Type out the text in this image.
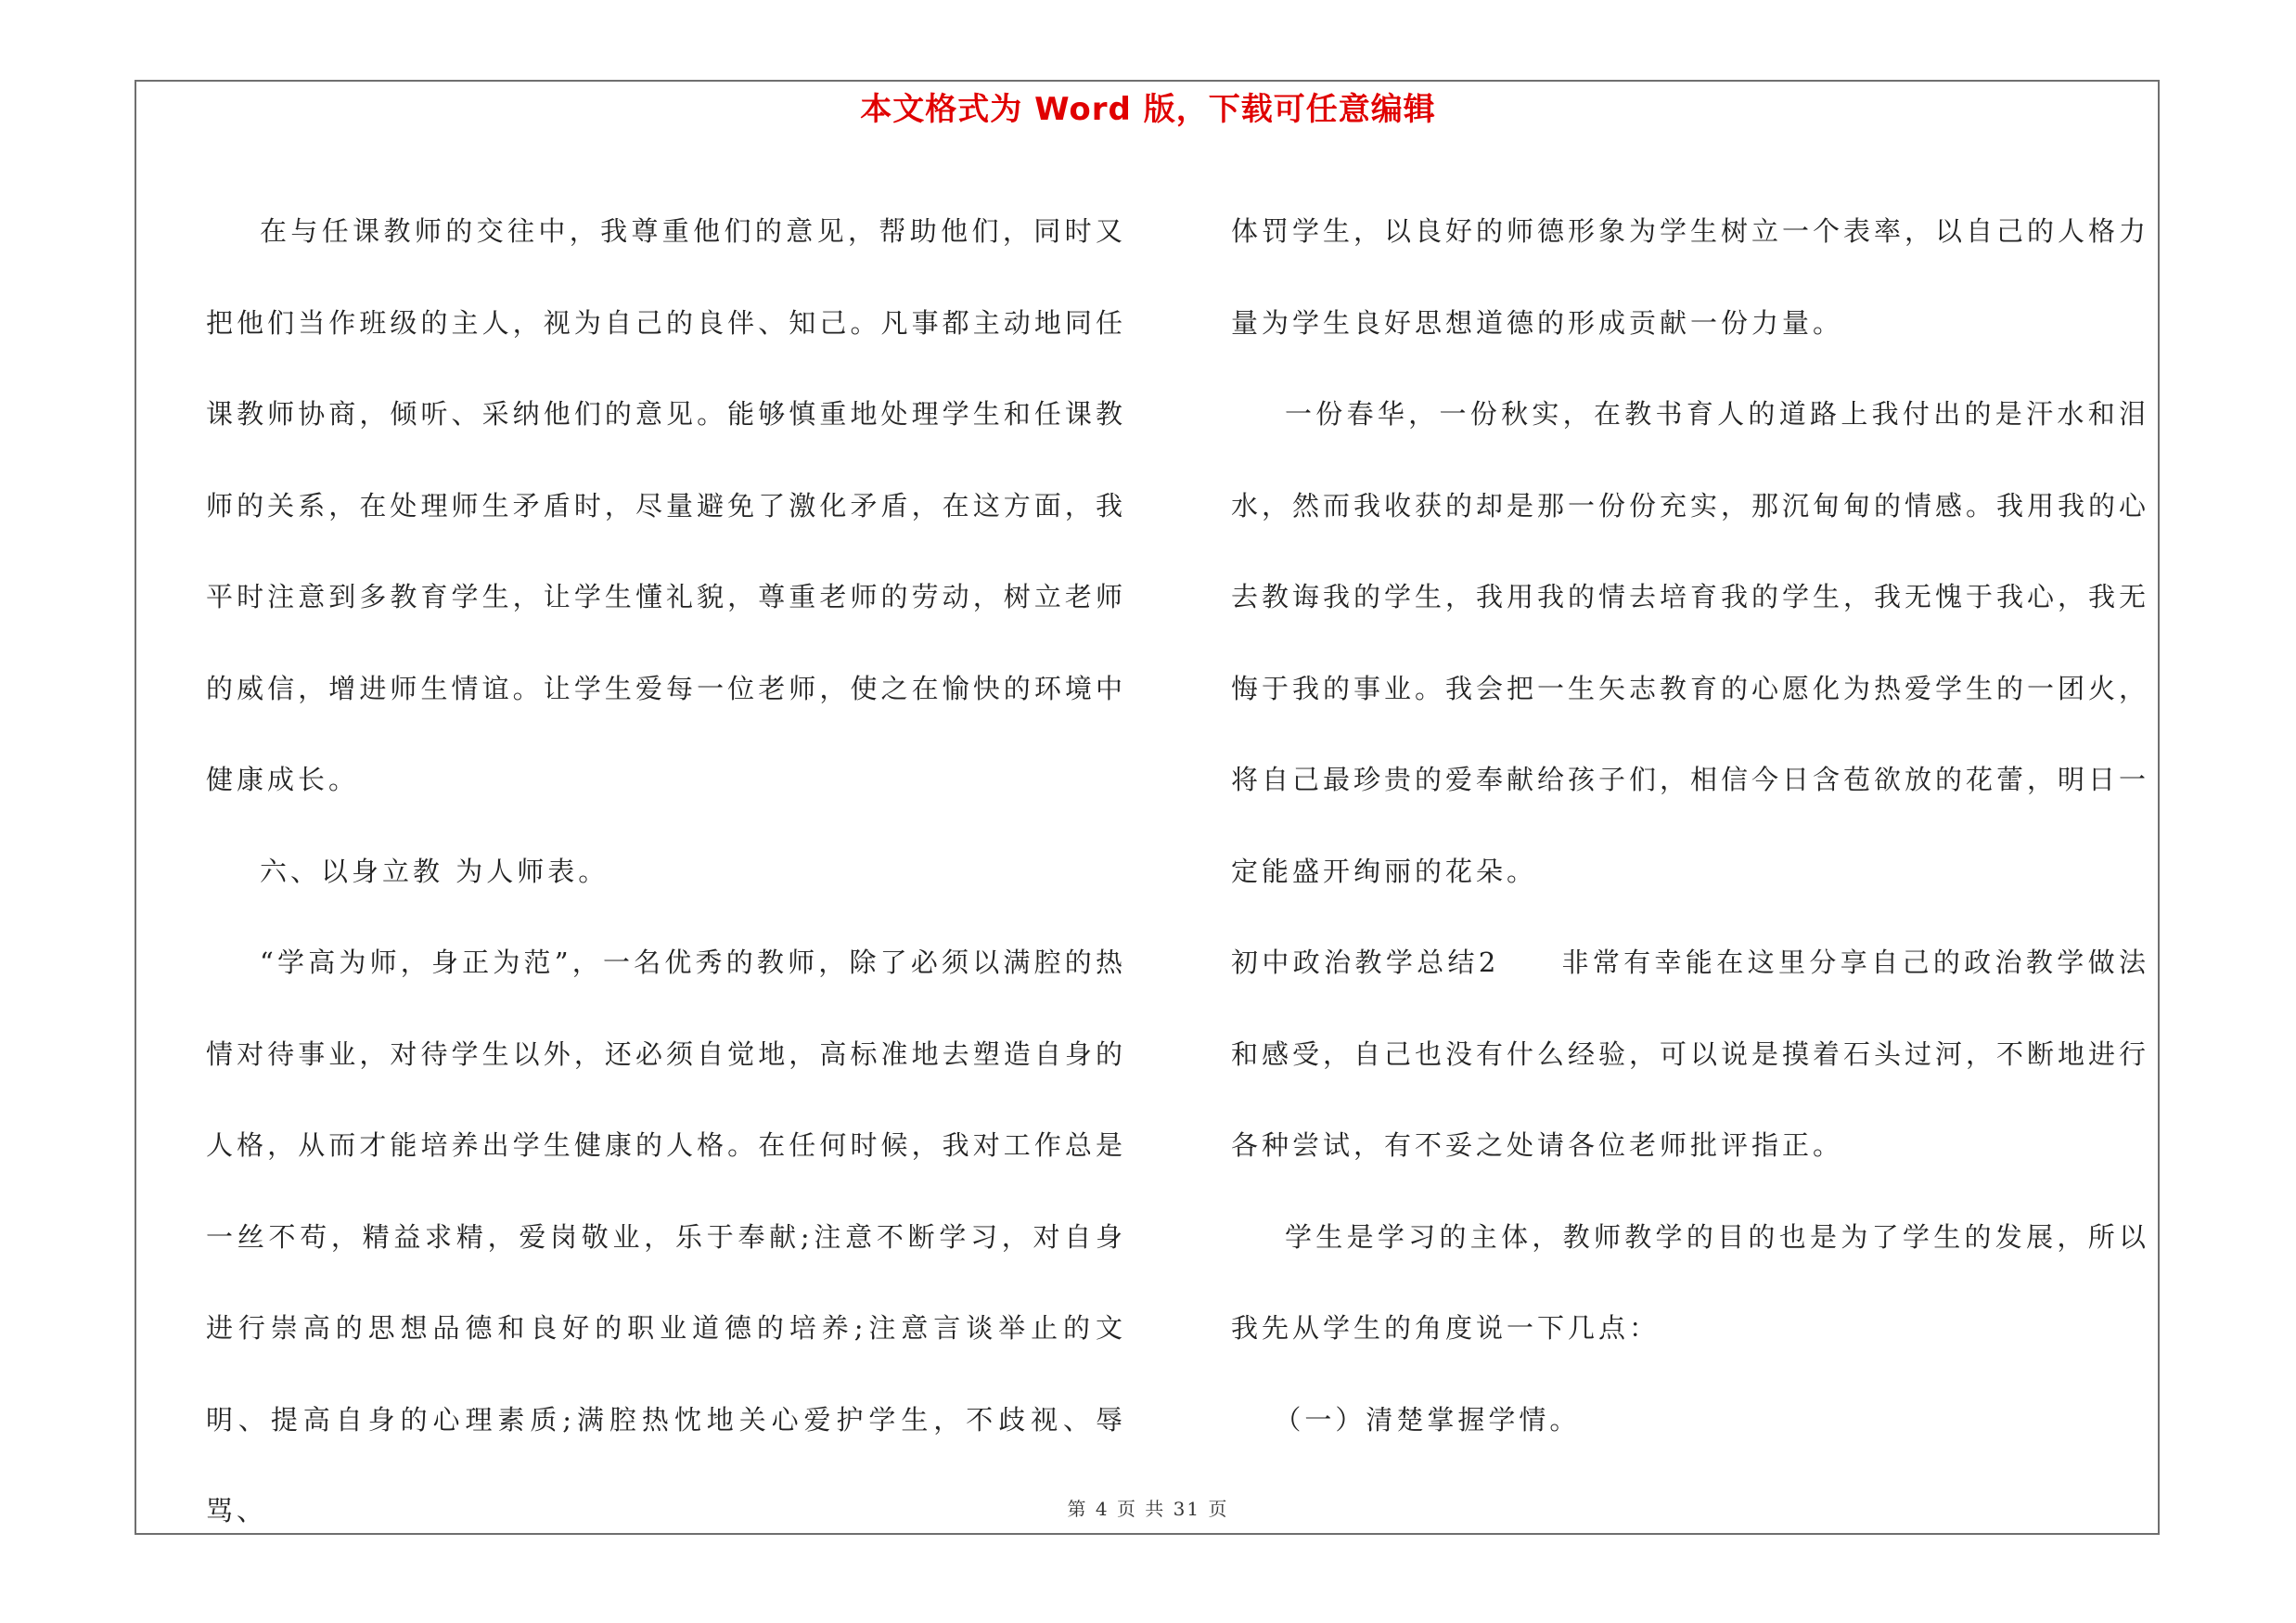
本文格式为 Word 版，下载可任意编辑

在与任课教师的交往中，我尊重他们的意见，帮助他们，同时又把他们当作班级的主人，视为自己的良伴、知己。凡事都主动地同任课教师协商，倾听、采纳他们的意见。能够慎重地处理学生和任课教师的关系，在处理师生矛盾时，尽量避免了激化矛盾，在这方面，我平时注意到多教育学生，让学生懂礼貌，尊重老师的劳动，树立老师的威信，增进师生情谊。让学生爱每一位老师，使之在愉快的环境中健康成长。

六、以身立教 为人师表。

“学高为师，身正为范”，一名优秀的教师，除了必须以满腔的热情对待事业，对待学生以外，还必须自觉地，高标准地去塑造自身的人格，从而才能培养出学生健康的人格。在任何时候，我对工作总是一丝不苟，精益求精，爱岗敬业，乐于奉献;注意不断学习，对自身进行崇高的思想品德和良好的职业道德的培养;注意言谈举止的文明、提高自身的心理素质;满腔热忱地关心爱护学生，不歧视、辱骂、

体罚学生，以良好的师德形象为学生树立一个表率，以自己的人格力量为学生良好思想道德的形成贡献一份力量。

一份春华，一份秋实，在教书育人的道路上我付出的是汗水和泪水，然而我收获的却是那一份份充实，那沉甸甸的情感。我用我的心去教诲我的学生，我用我的情去培育我的学生，我无愧于我心，我无悔于我的事业。我会把一生矢志教育的心愿化为热爱学生的一团火，将自己最珍贵的爱奉献给孩子们，相信今日含苞欲放的花蕾，明日一定能盛开绚丽的花朵。

初中政治教学总结2　　非常有幸能在这里分享自己的政治教学做法和感受，自己也没有什么经验，可以说是摸着石头过河，不断地进行各种尝试，有不妥之处请各位老师批评指正。

学生是学习的主体，教师教学的目的也是为了学生的发展，所以我先从学生的角度说一下几点：

（一）清楚掌握学情。

第 4 页 共 31 页
